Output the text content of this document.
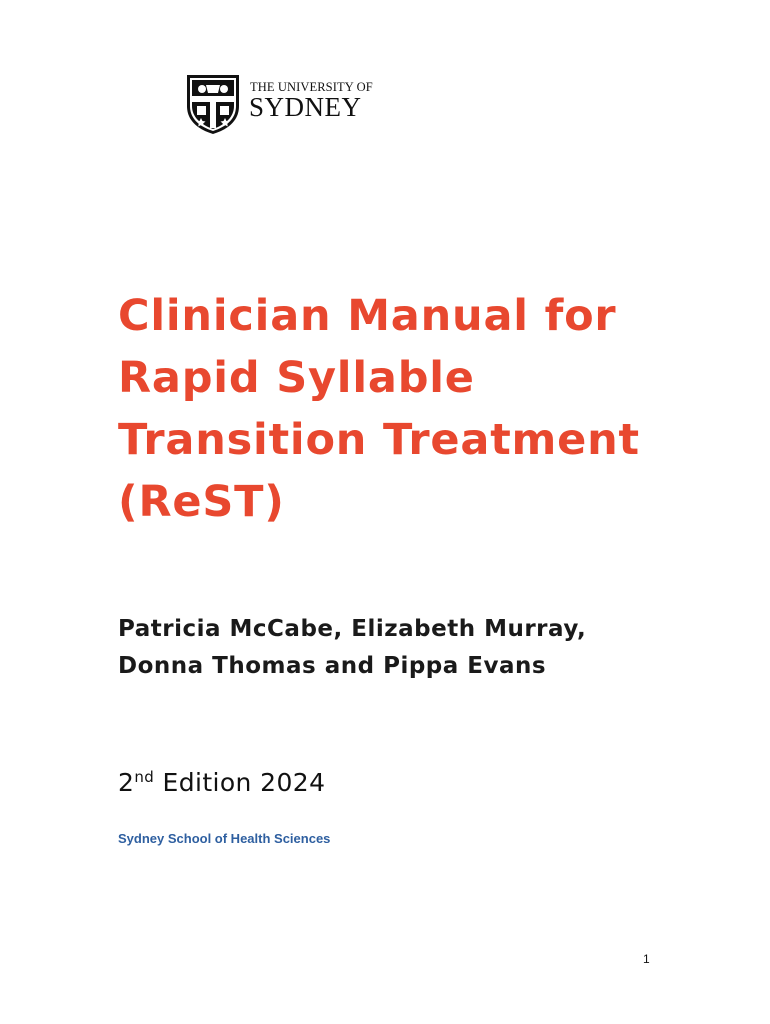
THE UNIVERSITY OF
SYDNEY
Clinician Manual for
Rapid Syllable
Transition Treatment
(ReST)

Patricia McCabe, Elizabeth Murray,
Donna Thomas and Pippa Evans

2nd Edition 2024
Sydney School of Health Sciences
1
